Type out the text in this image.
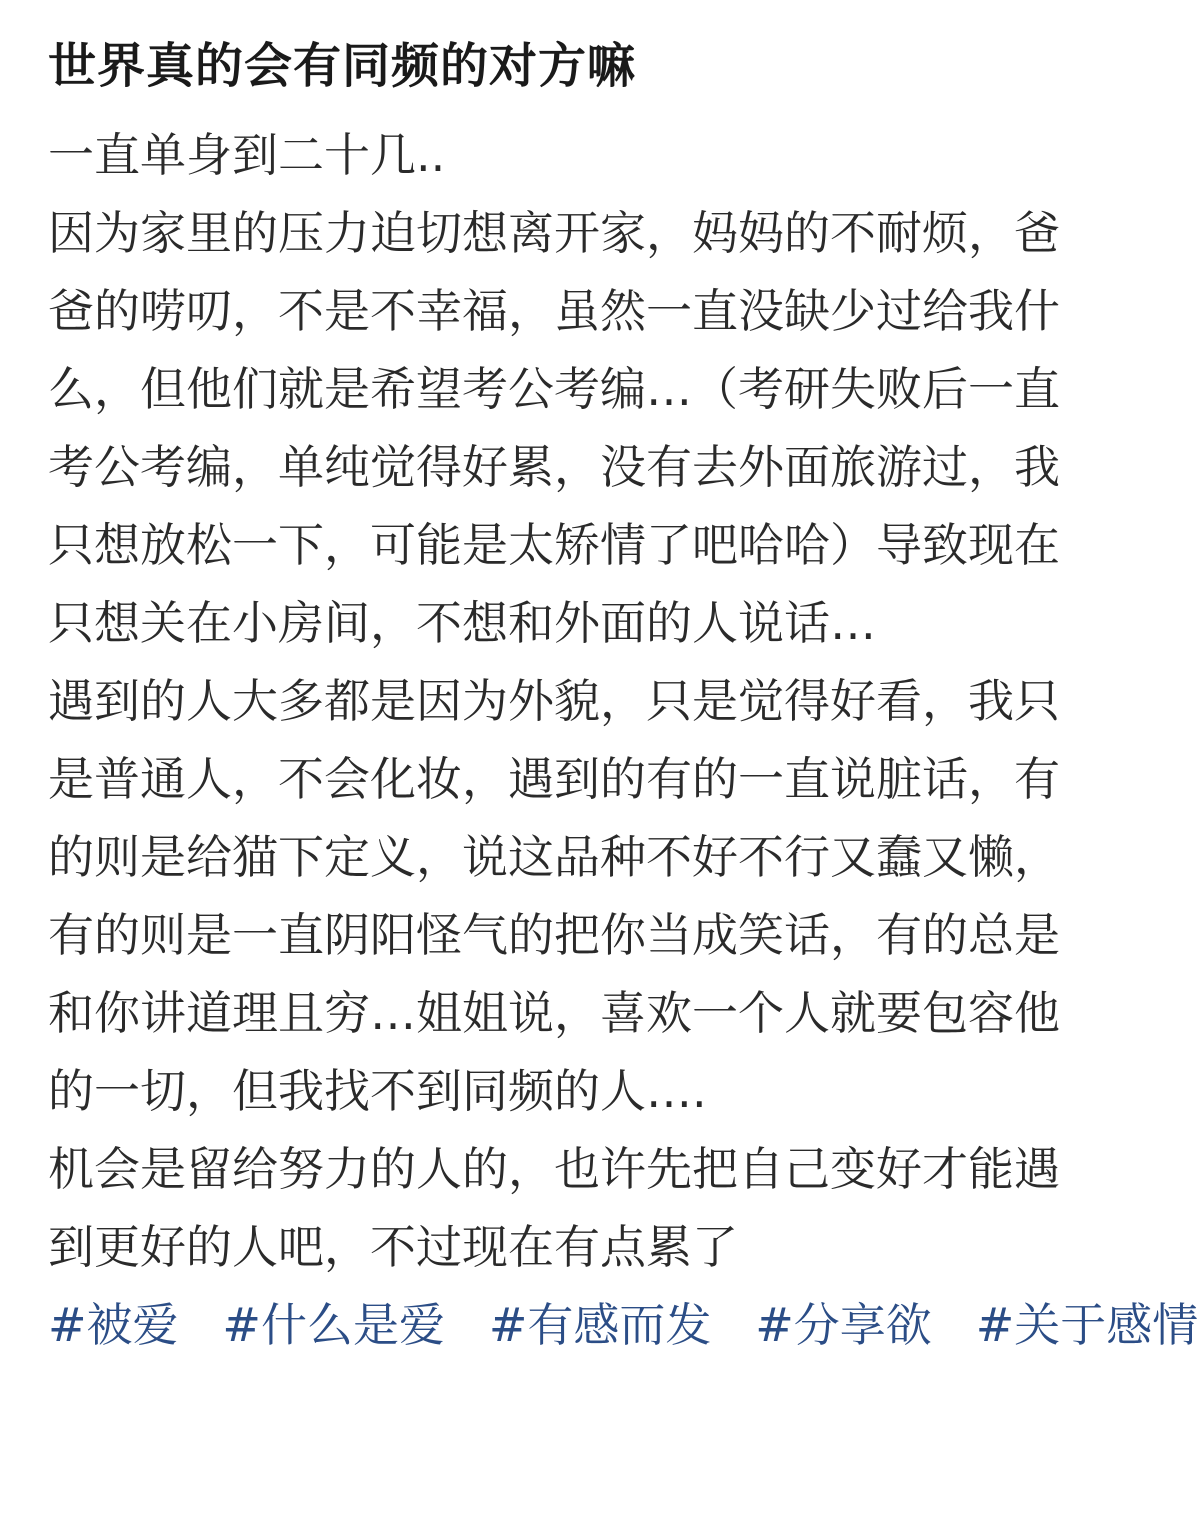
世界真的会有同频的对方嘛

一直单身到二十几..

因为家里的压力迫切想离开家，妈妈的不耐烦，爸爸的唠叨，不是不幸福，虽然一直没缺少过给我什么，但他们就是希望考公考编…（考研失败后一直考公考编，单纯觉得好累，没有去外面旅游过，我只想放松一下，可能是太矫情了吧哈哈）导致现在只想关在小房间，不想和外面的人说话…

遇到的人大多都是因为外貌，只是觉得好看，我只是普通人，不会化妆，遇到的有的一直说脏话，有的则是给猫下定义，说这品种不好不行又蠢又懒，有的则是一直阴阳怪气的把你当成笑话，有的总是和你讲道理且穷…姐姐说，喜欢一个人就要包容他的一切，但我找不到同频的人….

机会是留给努力的人的，也许先把自己变好才能遇到更好的人吧，不过现在有点累了 #被爱 #什么是爱 #有感而发 #分享欲 #关于感情
